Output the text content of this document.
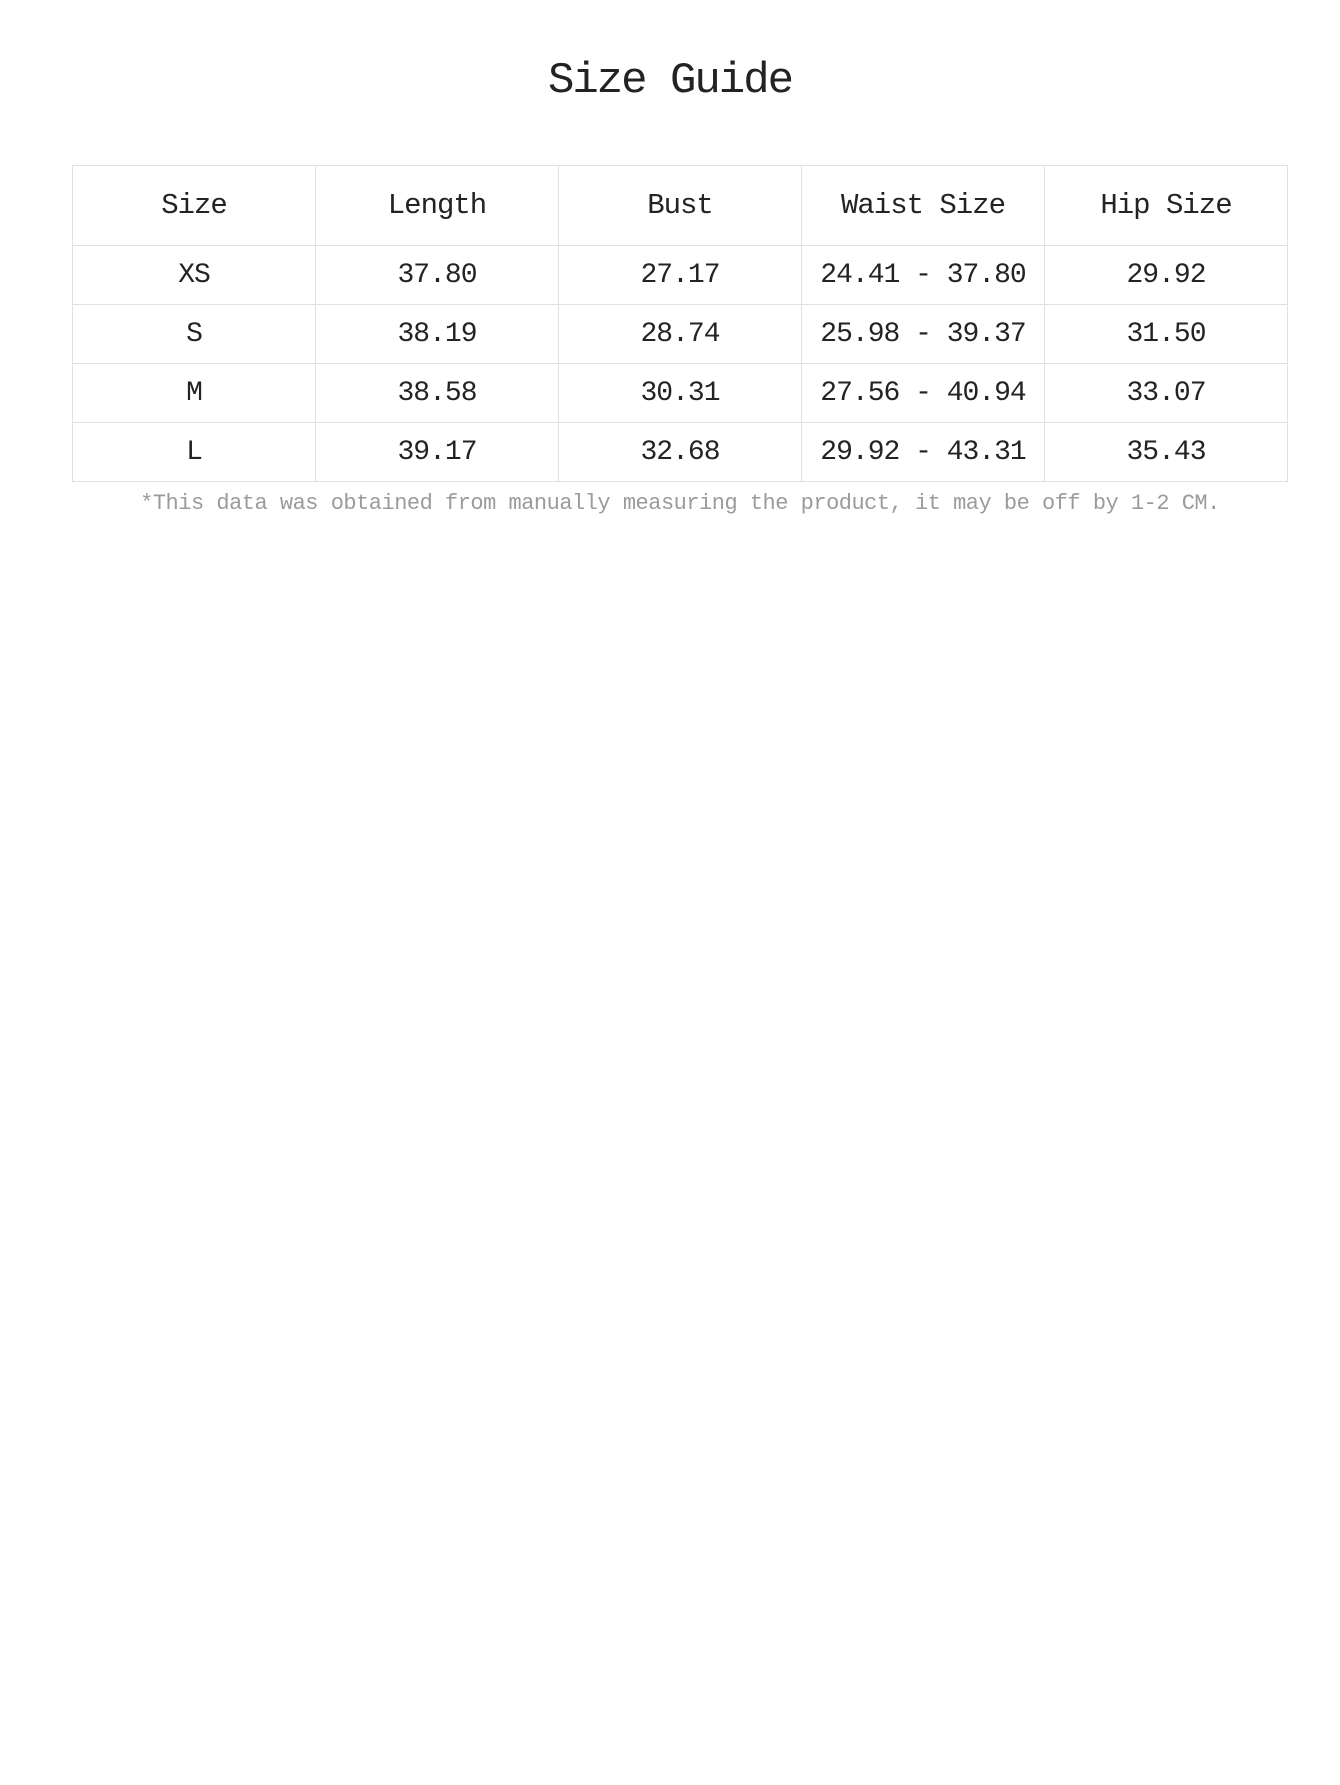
Size Guide
Size	Length	Bust	Waist Size	Hip Size
XS	37.80	27.17	24.41 - 37.80	29.92
S	38.19	28.74	25.98 - 39.37	31.50
M	38.58	30.31	27.56 - 40.94	33.07
L	39.17	32.68	29.92 - 43.31	35.43

*This data was obtained from manually measuring the product, it may be off by 1-2 CM.
